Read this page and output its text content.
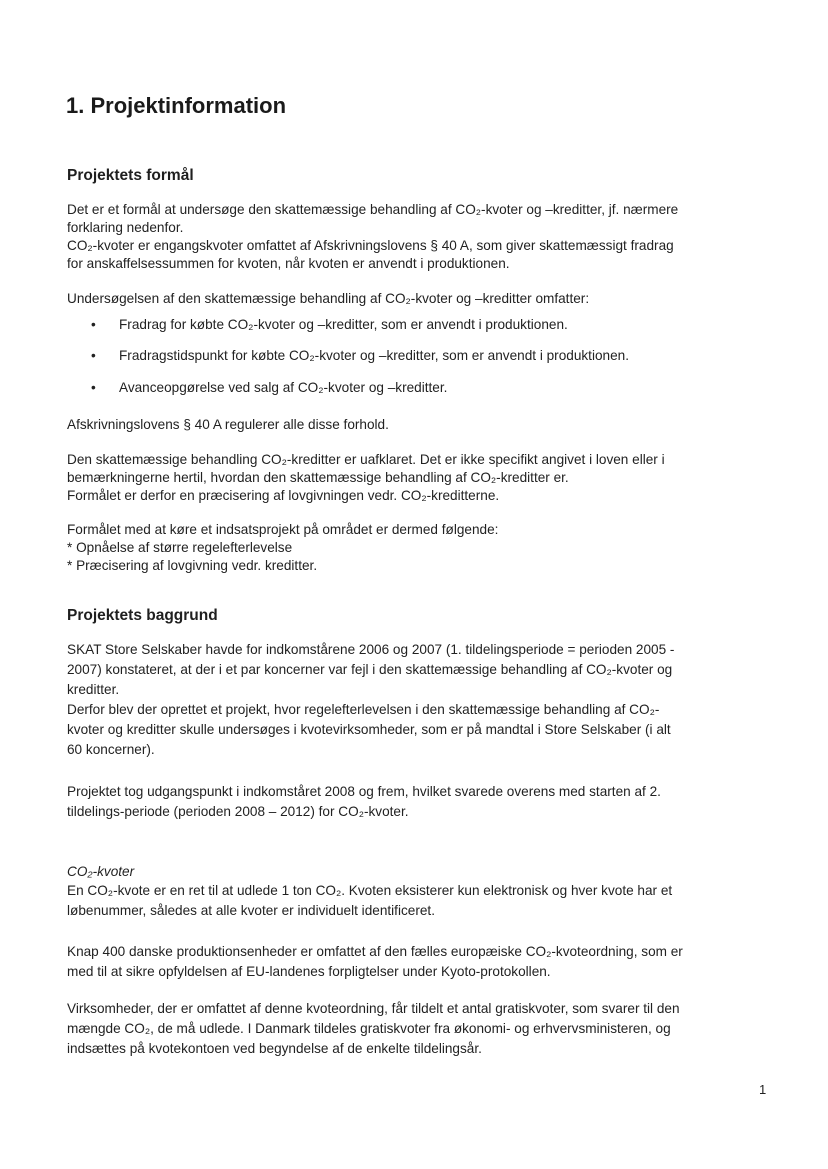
1. Projektinformation
Projektets formål
Det er et formål at undersøge den skattemæssige behandling af CO₂-kvoter og –kreditter, jf. nærmere
forklaring nedenfor.
CO₂-kvoter er engangskvoter omfattet af Afskrivningslovens § 40 A, som giver skattemæssigt fradrag
for anskaffelsessummen for kvoten, når kvoten er anvendt i produktionen.
Undersøgelsen af den skattemæssige behandling af CO₂-kvoter og –kreditter omfatter:
• Fradrag for købte CO₂-kvoter og –kreditter, som er anvendt i produktionen.
• Fradragstidspunkt for købte CO₂-kvoter og –kreditter, som er anvendt i produktionen.
• Avanceopgørelse ved salg af CO₂-kvoter og –kreditter.
Afskrivningslovens § 40 A regulerer alle disse forhold.
Den skattemæssige behandling CO₂-kreditter er uafklaret. Det er ikke specifikt angivet i loven eller i
bemærkningerne hertil, hvordan den skattemæssige behandling af CO₂-kreditter er.
Formålet er derfor en præcisering af lovgivningen vedr. CO₂-kreditterne.
Formålet med at køre et indsatsprojekt på området er dermed følgende:
* Opnåelse af større regelefterlevelse
* Præcisering af lovgivning vedr. kreditter.
Projektets baggrund
SKAT Store Selskaber havde for indkomstårene 2006 og 2007 (1. tildelingsperiode = perioden 2005 -
2007) konstateret, at der i et par koncerner var fejl i den skattemæssige behandling af CO₂-kvoter og
kreditter.
Derfor blev der oprettet et projekt, hvor regelefterlevelsen i den skattemæssige behandling af CO₂-
kvoter og kreditter skulle undersøges i kvotevirksomheder, som er på mandtal i Store Selskaber (i alt
60 koncerner).
Projektet tog udgangspunkt i indkomståret 2008 og frem, hvilket svarede overens med starten af 2.
tildelings-periode (perioden 2008 – 2012) for CO₂-kvoter.
CO₂-kvoter
En CO₂-kvote er en ret til at udlede 1 ton CO₂. Kvoten eksisterer kun elektronisk og hver kvote har et
løbenummer, således at alle kvoter er individuelt identificeret.
Knap 400 danske produktionsenheder er omfattet af den fælles europæiske CO₂-kvoteordning, som er
med til at sikre opfyldelsen af EU-landenes forpligtelser under Kyoto-protokollen.
Virksomheder, der er omfattet af denne kvoteordning, får tildelt et antal gratiskvoter, som svarer til den
mængde CO₂, de må udlede. I Danmark tildeles gratiskvoter fra økonomi- og erhvervsministeren, og
indsættes på kvotekontoen ved begyndelse af de enkelte tildelingsår.
1
